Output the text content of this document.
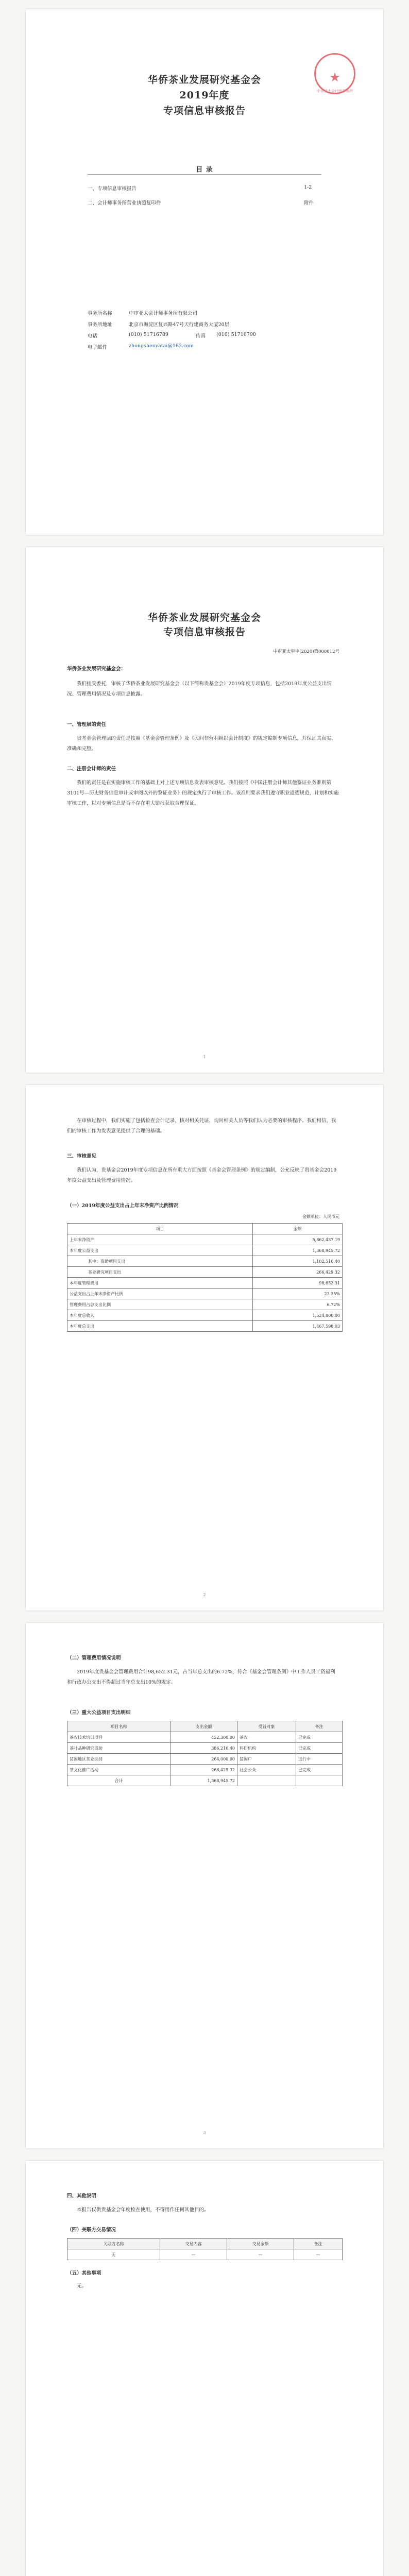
中审亚太会计师事务所
★

华侨茶业发展研究基金会

2019年度

专项信息审核报告

目 录

一、专项信息审核报告	1-2

二、会计师事务所营业执照复印件	附件

事务所名称	中审亚太会计师事务所有限公司

事务所地址	北京市海淀区复兴路47号天行建商务大厦20层

电话	(010) 51716789	传真 (010) 51716790

电子邮件	zhongshenyatai@163.com

华侨茶业发展研究基金会

专项信息审核报告

中审亚太审字(2020)第000012号

华侨茶业发展研究基金会：

我们接受委托，审核了华侨茶业发展研究基金会（以下简称贵基金会）2019年度专项信息，包括2019年度公益支出情况、管理费用情况及专项信息披露。

一、管理层的责任

贵基金会管理层的责任是按照《基金会管理条例》及《民间非营利组织会计制度》的规定编制专项信息，并保证其真实、准确和完整。

二、注册会计师的责任

我们的责任是在实施审核工作的基础上对上述专项信息发表审核意见。我们按照《中国注册会计师其他鉴证业务准则第3101号—历史财务信息审计或审阅以外的鉴证业务》的规定执行了审核工作。该准则要求我们遵守职业道德规范，计划和实施审核工作，以对专项信息是否不存在重大错报获取合理保证。

1

在审核过程中，我们实施了包括检查会计记录、核对相关凭证、询问相关人员等我们认为必要的审核程序。我们相信，我们的审核工作为发表意见提供了合理的基础。

三、审核意见

我们认为，贵基金会2019年度专项信息在所有重大方面按照《基金会管理条例》的规定编制，公允反映了贵基金会2019年度公益支出及管理费用情况。

（一）2019年度公益支出占上年末净资产比例情况

金额单位：人民币元

项目	金额
上年末净资产	5,862,437.19
本年度公益支出	1,368,945.72
其中：资助项目支出	1,102,516.40
茶业研究项目支出	266,429.32
本年度管理费用	98,652.31
公益支出占上年末净资产比例	23.35%
管理费用占总支出比例	6.72%
本年度总收入	1,524,800.00
本年度总支出	1,467,598.03

2

（二）管理费用情况说明

2019年度贵基金会管理费用合计98,652.31元，占当年总支出的6.72%，符合《基金会管理条例》中工作人员工资福利和行政办公支出不得超过当年总支出10%的规定。

（三）重大公益项目支出明细

项目名称	支出金额	受益对象	备注
茶农技术培训项目	452,300.00	茶农	已完成
茶叶品种研究资助	386,216.40	科研机构	已完成
贫困地区茶业扶持	264,000.00	贫困户	进行中
茶文化推广活动	266,429.32	社会公众	已完成
合计	1,368,945.72		

3

四、其他说明

本报告仅供贵基金会年度检查使用，不得用作任何其他目的。

（四）关联方交易情况

关联方名称	交易内容	交易金额	备注
无	—	—	—

（五）其他事项

无。
